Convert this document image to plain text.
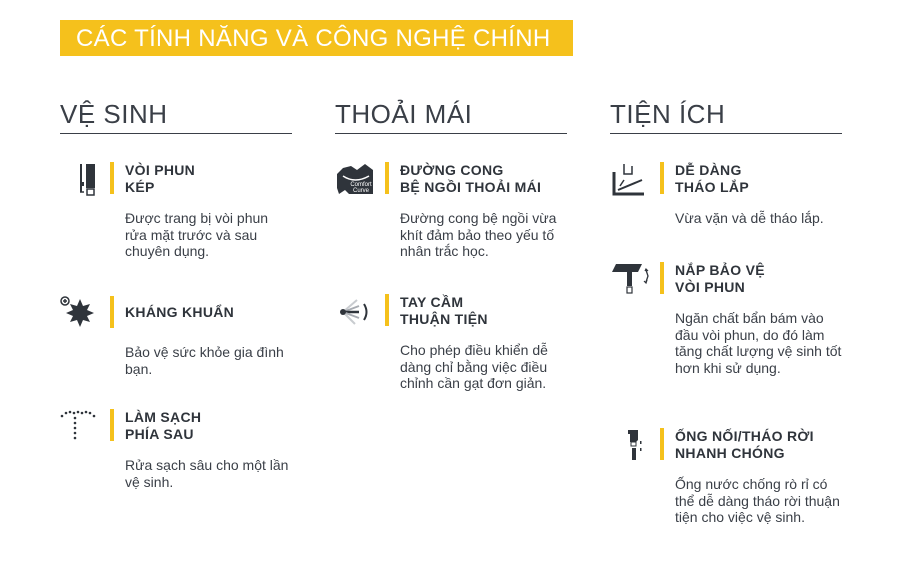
CÁC TÍNH NĂNG VÀ CÔNG NGHỆ CHÍNH
VỆ SINH
VÒI PHUN
KÉP
Được trang bị vòi phun rửa mặt trước và sau chuyên dụng.
KHÁNG KHUẨN
Bảo vệ sức khỏe gia đình bạn.
LÀM SẠCH
PHÍA SAU
Rửa sạch sâu cho một lần vệ sinh.
THOẢI MÁI
Comfort
Curve
ĐƯỜNG CONG
BỆ NGỒI THOẢI MÁI
Đường cong bệ ngồi vừa khít đảm bảo theo yếu tố nhân trắc học.
TAY CẦM
THUẬN TIỆN
Cho phép điều khiển dễ dàng chỉ bằng việc điều chỉnh cần gạt đơn giản.
TIỆN ÍCH
DỄ DÀNG
THÁO LẮP
Vừa vặn và dễ tháo lắp.
NẮP BẢO VỆ
VÒI PHUN
Ngăn chất bẩn bám vào đầu vòi phun, do đó làm tăng chất lượng vệ sinh tốt hơn khi sử dụng.
ỐNG NỐI/THÁO RỜI
NHANH CHÓNG
Ống nước chống rò rỉ có thể dễ dàng tháo rời thuận tiện cho việc vệ sinh.
